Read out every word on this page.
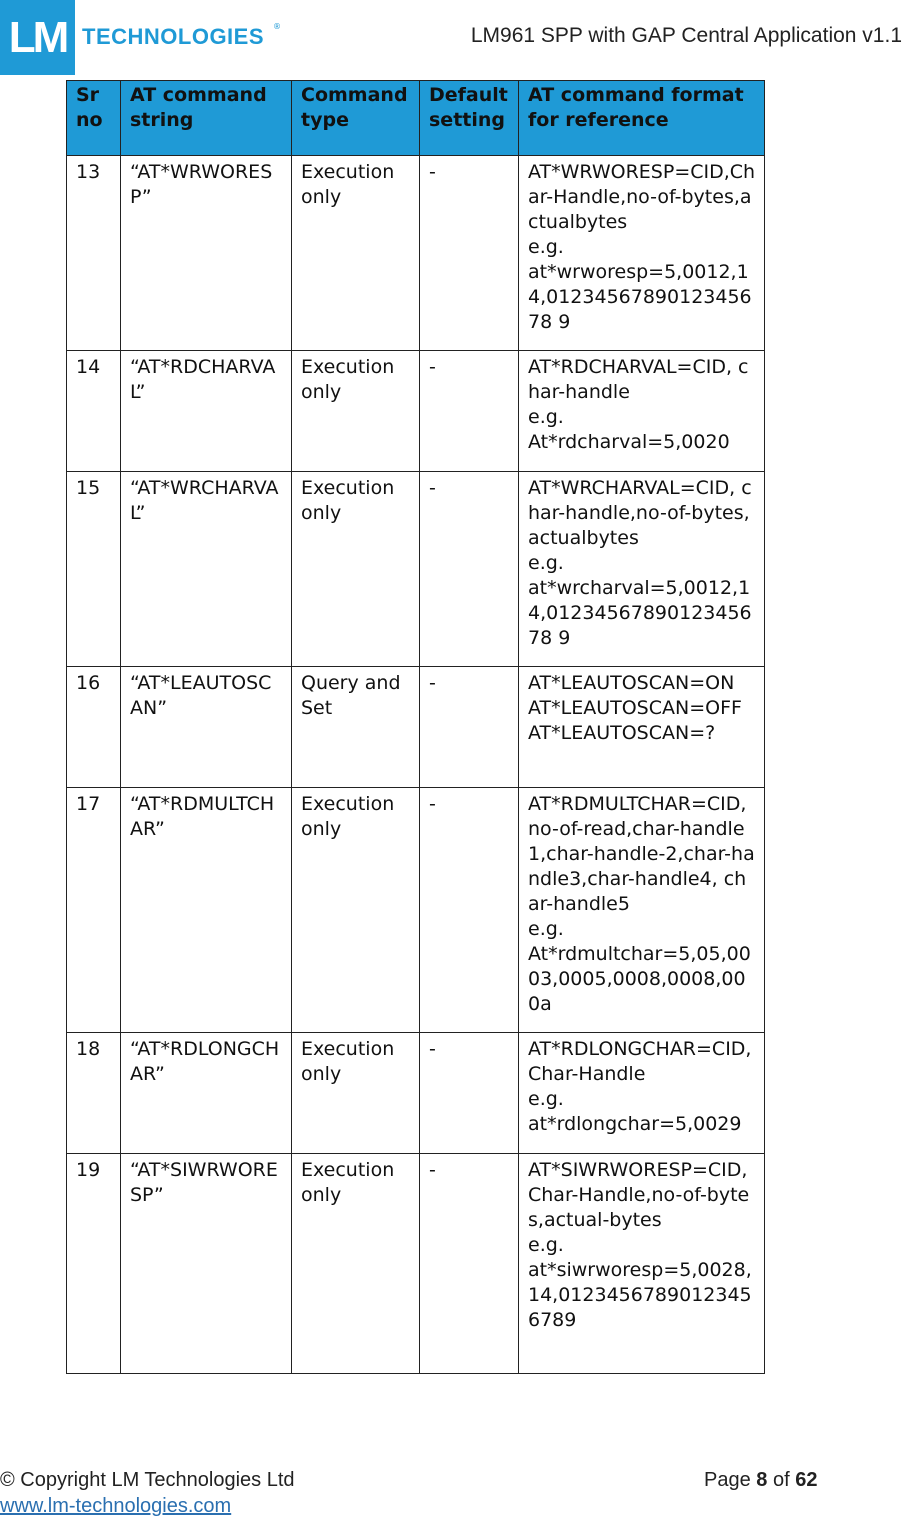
LM TECHNOLOGIES ®	LM961 SPP with GAP Central Application v1.1
Sr no	AT command string	Command type	Default setting	AT command format for reference
13	“AT*WRWORESP”	Execution only	-	AT*WRWORESP=CID,Char-Handle,no-of-bytes,actualbytes
e.g.
at*wrworesp=5,0012,14,0123456789012345678 9

14	“AT*RDCHARVAL”	Execution only	-	AT*RDCHARVAL=CID, char-handle
e.g.
At*rdcharval=5,0020

15	“AT*WRCHARVAL”	Execution only	-	AT*WRCHARVAL=CID, char-handle,no-of-bytes,actualbytes
e.g.
at*wrcharval=5,0012,14,0123456789012345678 9

16	“AT*LEAUTOSCAN”	Query and Set	-	AT*LEAUTOSCAN=ON
AT*LEAUTOSCAN=OFF
AT*LEAUTOSCAN=?

17	“AT*RDMULTCHAR”	Execution only	-	AT*RDMULTCHAR=CID,no-of-read,char-handle1,char-handle-2,char-handle3,char-handle4, char-handle5
e.g.
At*rdmultchar=5,05,0003,0005,0008,0008,000a

18	“AT*RDLONGCHAR”	Execution only	-	AT*RDLONGCHAR=CID,Char-Handle
e.g.
at*rdlongchar=5,0029

19	“AT*SIWRWORESP”	Execution only	-	AT*SIWRWORESP=CID,Char-Handle,no-of-bytes,actual-bytes
e.g.
at*siwrworesp=5,0028,14,0123456789012345 6789
© Copyright LM Technologies Ltd
www.lm-technologies.com
Page 8 of 62
